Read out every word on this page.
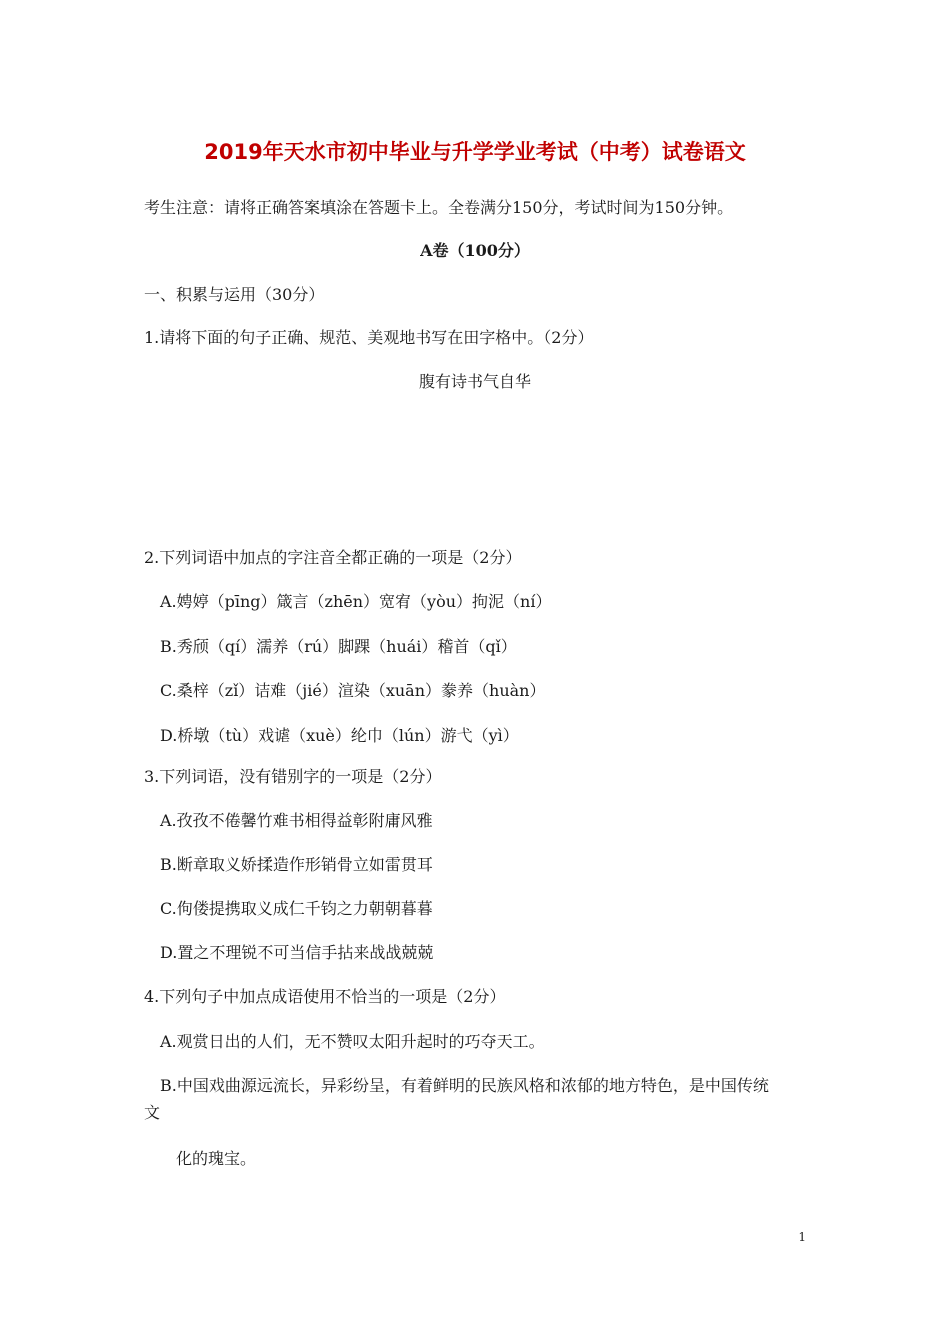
2019年天水市初中毕业与升学学业考试（中考）试卷语文
考生注意：请将正确答案填涂在答题卡上。全卷满分150分，考试时间为150分钟。
A卷（100分）
一、积累与运用（30分）
1.请将下面的句子正确、规范、美观地书写在田字格中。（2分）
腹有诗书气自华
2.下列词语中加点的字注音全都正确的一项是（2分）
A.娉婷（pīng）箴言（zhēn）宽宥（yòu）拘泥（ní）
B.秀颀（qí）濡养（rú）脚踝（huái）稽首（qǐ）
C.桑梓（zǐ）诘难（jié）渲染（xuān）豢养（huàn）
D.桥墩（tù）戏谑（xuè）纶巾（lún）游弋（yì）
3.下列词语，没有错别字的一项是（2分）
A.孜孜不倦馨竹难书相得益彰附庸风雅
B.断章取义娇揉造作形销骨立如雷贯耳
C.佝偻提携取义成仁千钧之力朝朝暮暮
D.置之不理锐不可当信手拈来战战兢兢
4.下列句子中加点成语使用不恰当的一项是（2分）
A.观赏日出的人们，无不赞叹太阳升起时的巧夺天工。
B.中国戏曲源远流长，异彩纷呈，有着鲜明的民族风格和浓郁的地方特色，是中国传统
文
化的瑰宝。
1
